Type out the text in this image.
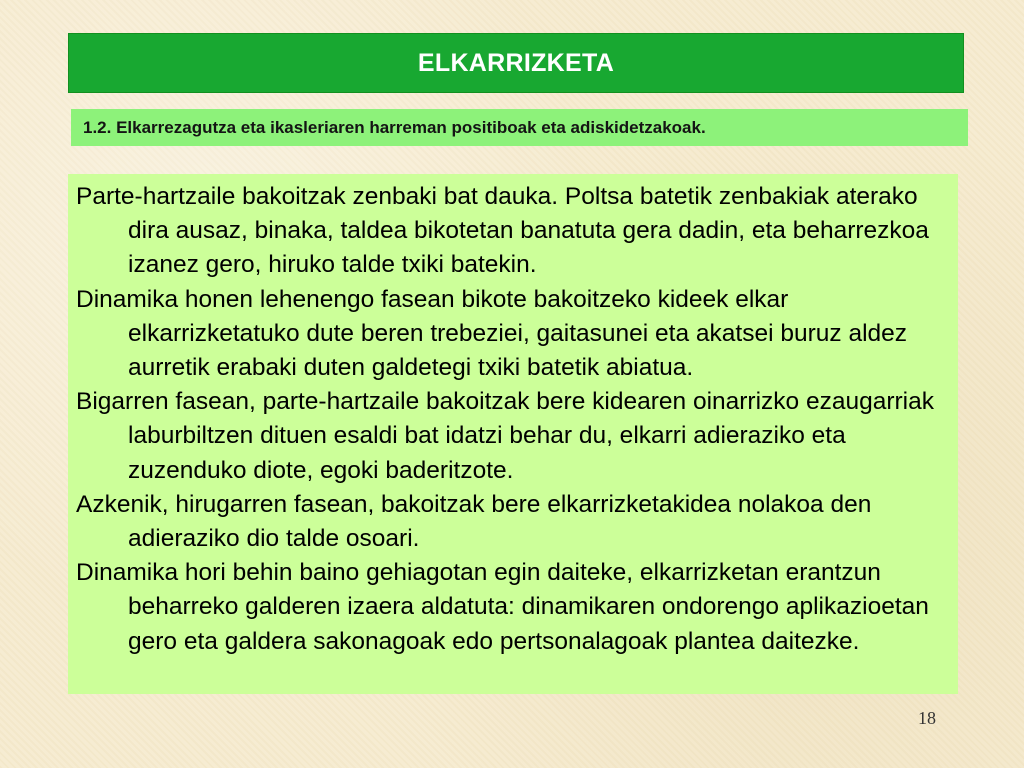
ELKARRIZKETA
1.2. Elkarrezagutza eta ikasleriaren harreman positiboak eta adiskidetzakoak.
Parte-hartzaile bakoitzak zenbaki bat dauka. Poltsa batetik zenbakiak aterako dira ausaz, binaka, taldea bikotetan banatuta gera dadin, eta beharrezkoa izanez gero, hiruko talde txiki batekin.
Dinamika honen lehenengo fasean bikote bakoitzeko kideek elkar elkarrizketatuko dute beren trebeziei, gaitasunei eta akatsei buruz aldez aurretik erabaki duten galdetegi txiki batetik abiatua.
Bigarren fasean, parte-hartzaile bakoitzak bere kidearen oinarrizko ezaugarriak laburbiltzen dituen esaldi bat idatzi behar du, elkarri adieraziko eta zuzenduko diote, egoki baderitzote.
Azkenik, hirugarren fasean, bakoitzak bere elkarrizketakidea nolakoa den adieraziko dio talde osoari.
Dinamika hori behin baino gehiagotan egin daiteke, elkarrizketan erantzun beharreko galderen izaera aldatuta: dinamikaren ondorengo aplikazioetan gero eta galdera sakonagoak edo pertsonalagoak plantea daitezke.
18
